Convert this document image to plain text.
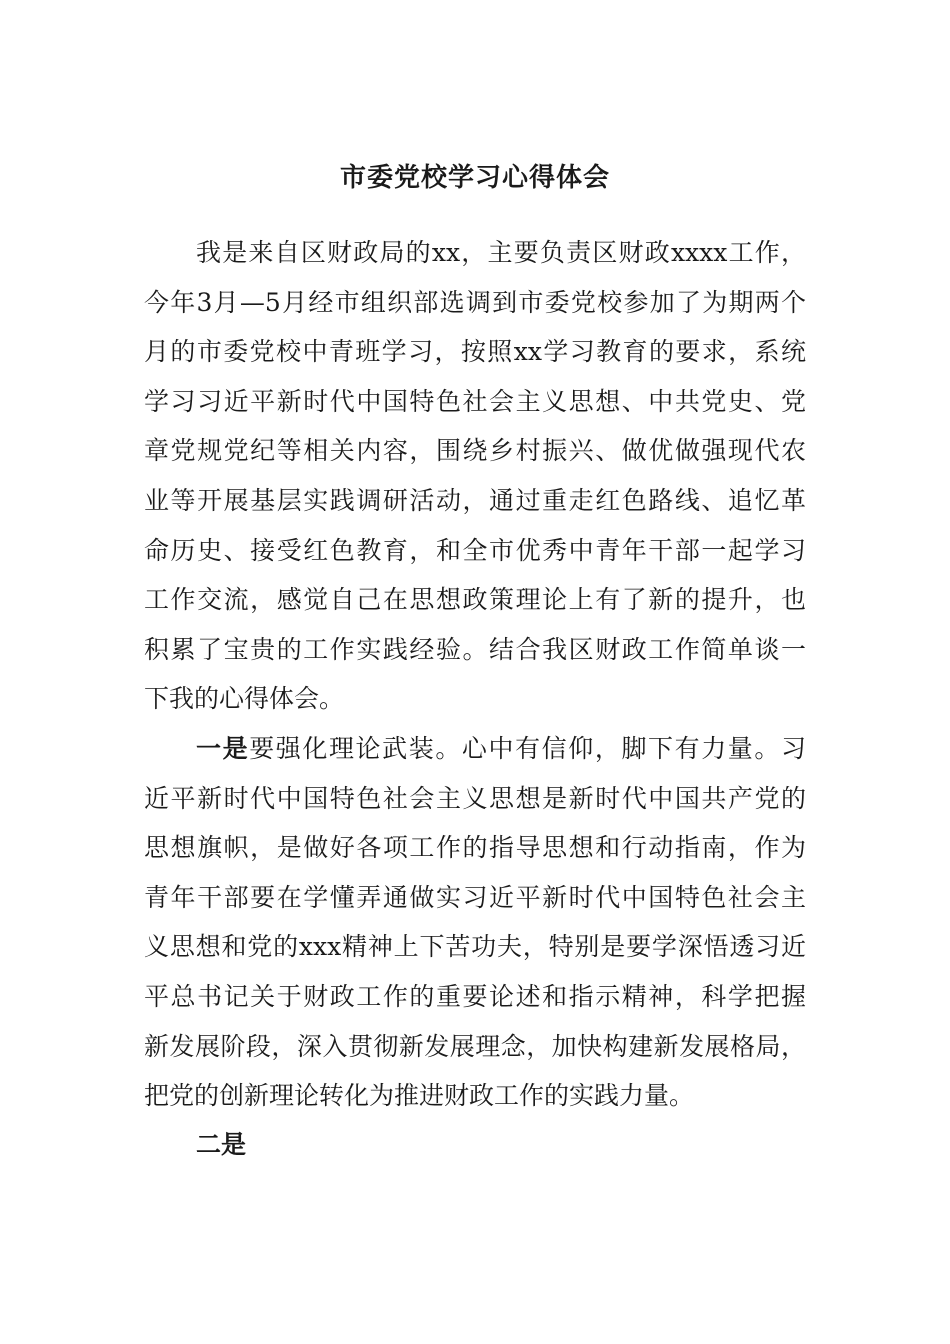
市委党校学习心得体会
我是来自区财政局的xx，主要负责区财政xxxx工作，
今年3月—5月经市组织部选调到市委党校参加了为期两个
月的市委党校中青班学习，按照xx学习教育的要求，系统
学习习近平新时代中国特色社会主义思想、中共党史、党
章党规党纪等相关内容，围绕乡村振兴、做优做强现代农
业等开展基层实践调研活动，通过重走红色路线、追忆革
命历史、接受红色教育，和全市优秀中青年干部一起学习
工作交流，感觉自己在思想政策理论上有了新的提升，也
积累了宝贵的工作实践经验。结合我区财政工作简单谈一
下我的心得体会。
一是要强化理论武装。心中有信仰，脚下有力量。习
近平新时代中国特色社会主义思想是新时代中国共产党的
思想旗帜，是做好各项工作的指导思想和行动指南，作为
青年干部要在学懂弄通做实习近平新时代中国特色社会主
义思想和党的xxx精神上下苦功夫，特别是要学深悟透习近
平总书记关于财政工作的重要论述和指示精神，科学把握
新发展阶段，深入贯彻新发展理念，加快构建新发展格局，
把党的创新理论转化为推进财政工作的实践力量。
二是
